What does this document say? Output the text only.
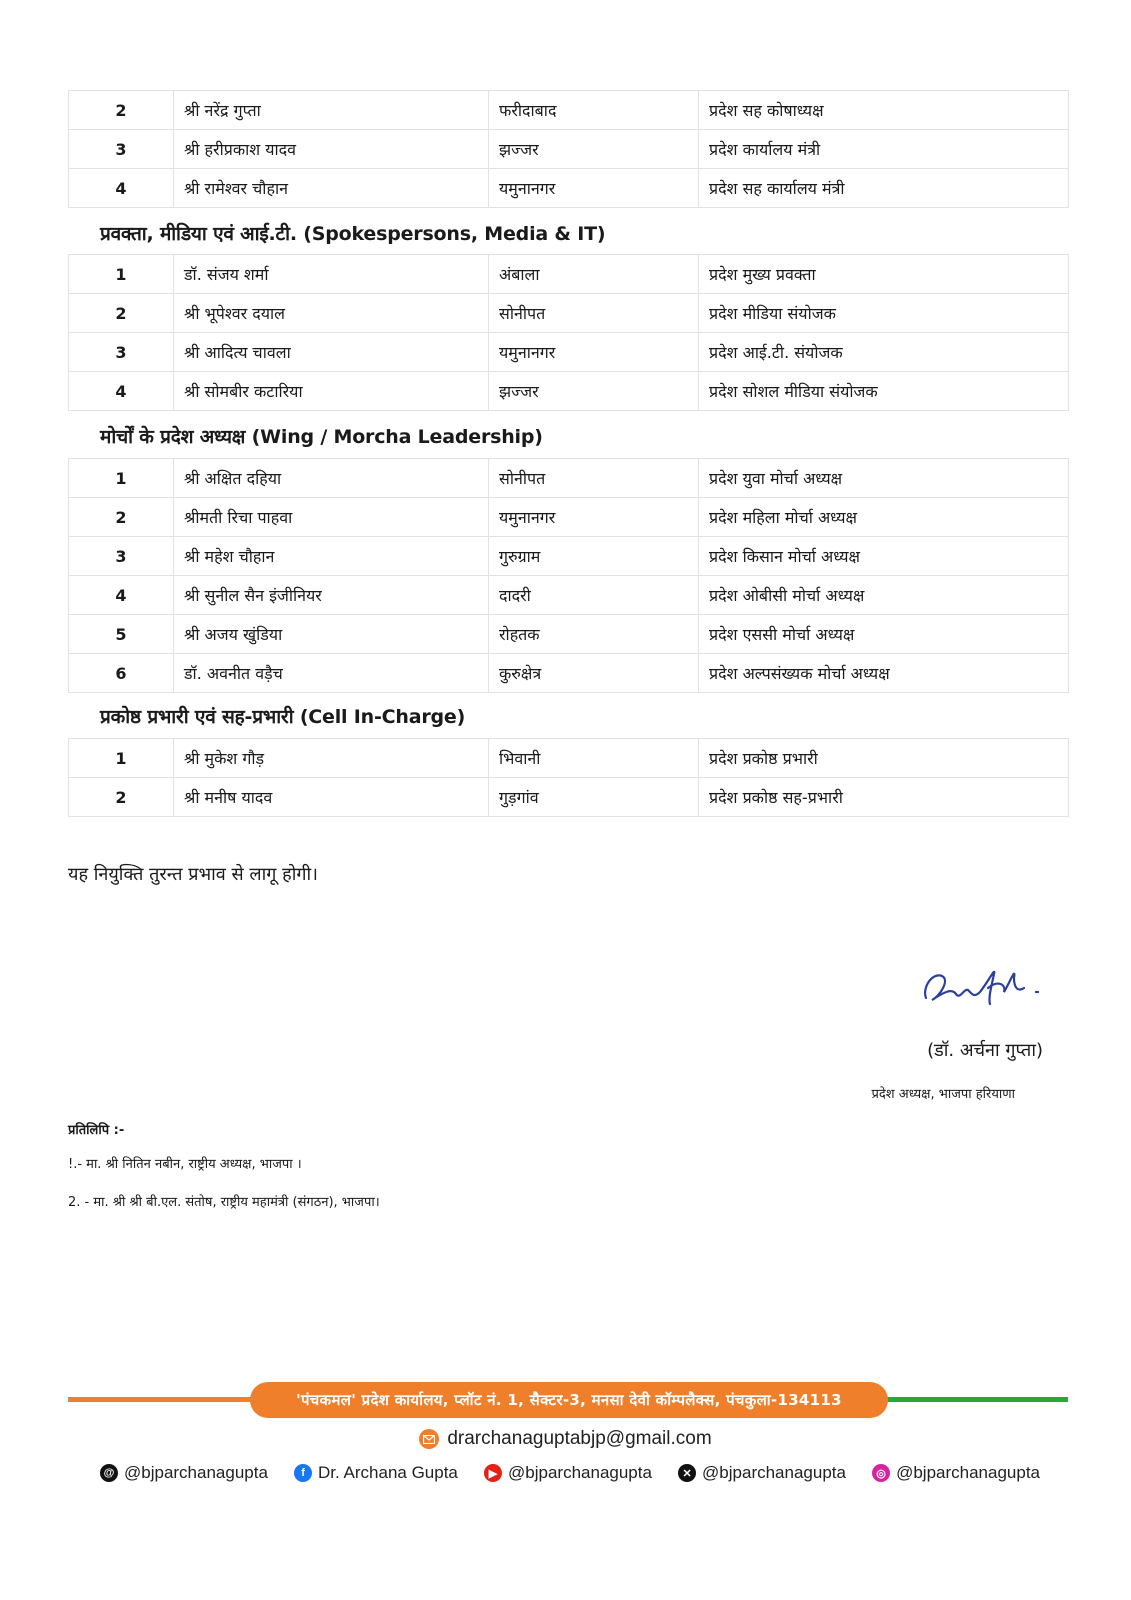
2	श्री नरेंद्र गुप्ता	फरीदाबाद	प्रदेश सह कोषाध्यक्ष
3	श्री हरीप्रकाश यादव	झज्जर	प्रदेश कार्यालय मंत्री
4	श्री रामेश्वर चौहान	यमुनानगर	प्रदेश सह कार्यालय मंत्री
प्रवक्ता, मीडिया एवं आई.टी. (Spokespersons, Media & IT)
1	डॉ. संजय शर्मा	अंबाला	प्रदेश मुख्य प्रवक्ता
2	श्री भूपेश्वर दयाल	सोनीपत	प्रदेश मीडिया संयोजक
3	श्री आदित्य चावला	यमुनानगर	प्रदेश आई.टी. संयोजक
4	श्री सोमबीर कटारिया	झज्जर	प्रदेश सोशल मीडिया संयोजक
मोर्चों के प्रदेश अध्यक्ष (Wing / Morcha Leadership)
1	श्री अक्षित दहिया	सोनीपत	प्रदेश युवा मोर्चा अध्यक्ष
2	श्रीमती रिचा पाहवा	यमुनानगर	प्रदेश महिला मोर्चा अध्यक्ष
3	श्री महेश चौहान	गुरुग्राम	प्रदेश किसान मोर्चा अध्यक्ष
4	श्री सुनील सैन इंजीनियर	दादरी	प्रदेश ओबीसी मोर्चा अध्यक्ष
5	श्री अजय खुंडिया	रोहतक	प्रदेश एससी मोर्चा अध्यक्ष
6	डॉ. अवनीत वड़ैच	कुरुक्षेत्र	प्रदेश अल्पसंख्यक मोर्चा अध्यक्ष
प्रकोष्ठ प्रभारी एवं सह-प्रभारी (Cell In-Charge)
1	श्री मुकेश गौड़	भिवानी	प्रदेश प्रकोष्ठ प्रभारी
2	श्री मनीष यादव	गुड़गांव	प्रदेश प्रकोष्ठ सह-प्रभारी
यह नियुक्ति तुरन्त प्रभाव से लागू होगी।
(डॉ. अर्चना गुप्ता)
प्रदेश अध्यक्ष, भाजपा हरियाणा
प्रतिलिपि :-
!.- मा. श्री नितिन नबीन, राष्ट्रीय अध्यक्ष, भाजपा ।
2. - मा. श्री श्री बी.एल. संतोष, राष्ट्रीय महामंत्री (संगठन), भाजपा।
'पंचकमल' प्रदेश कार्यालय, प्लॉट नं. 1, सैक्टर-3, मनसा देवी कॉम्पलैक्स, पंचकुला-134113
drarchanaguptabjp@gmail.com
@ @bjparchanagupta	f Dr. Archana Gupta	▶ @bjparchanagupta	✕ @bjparchanagupta	◎ @bjparchanagupta
